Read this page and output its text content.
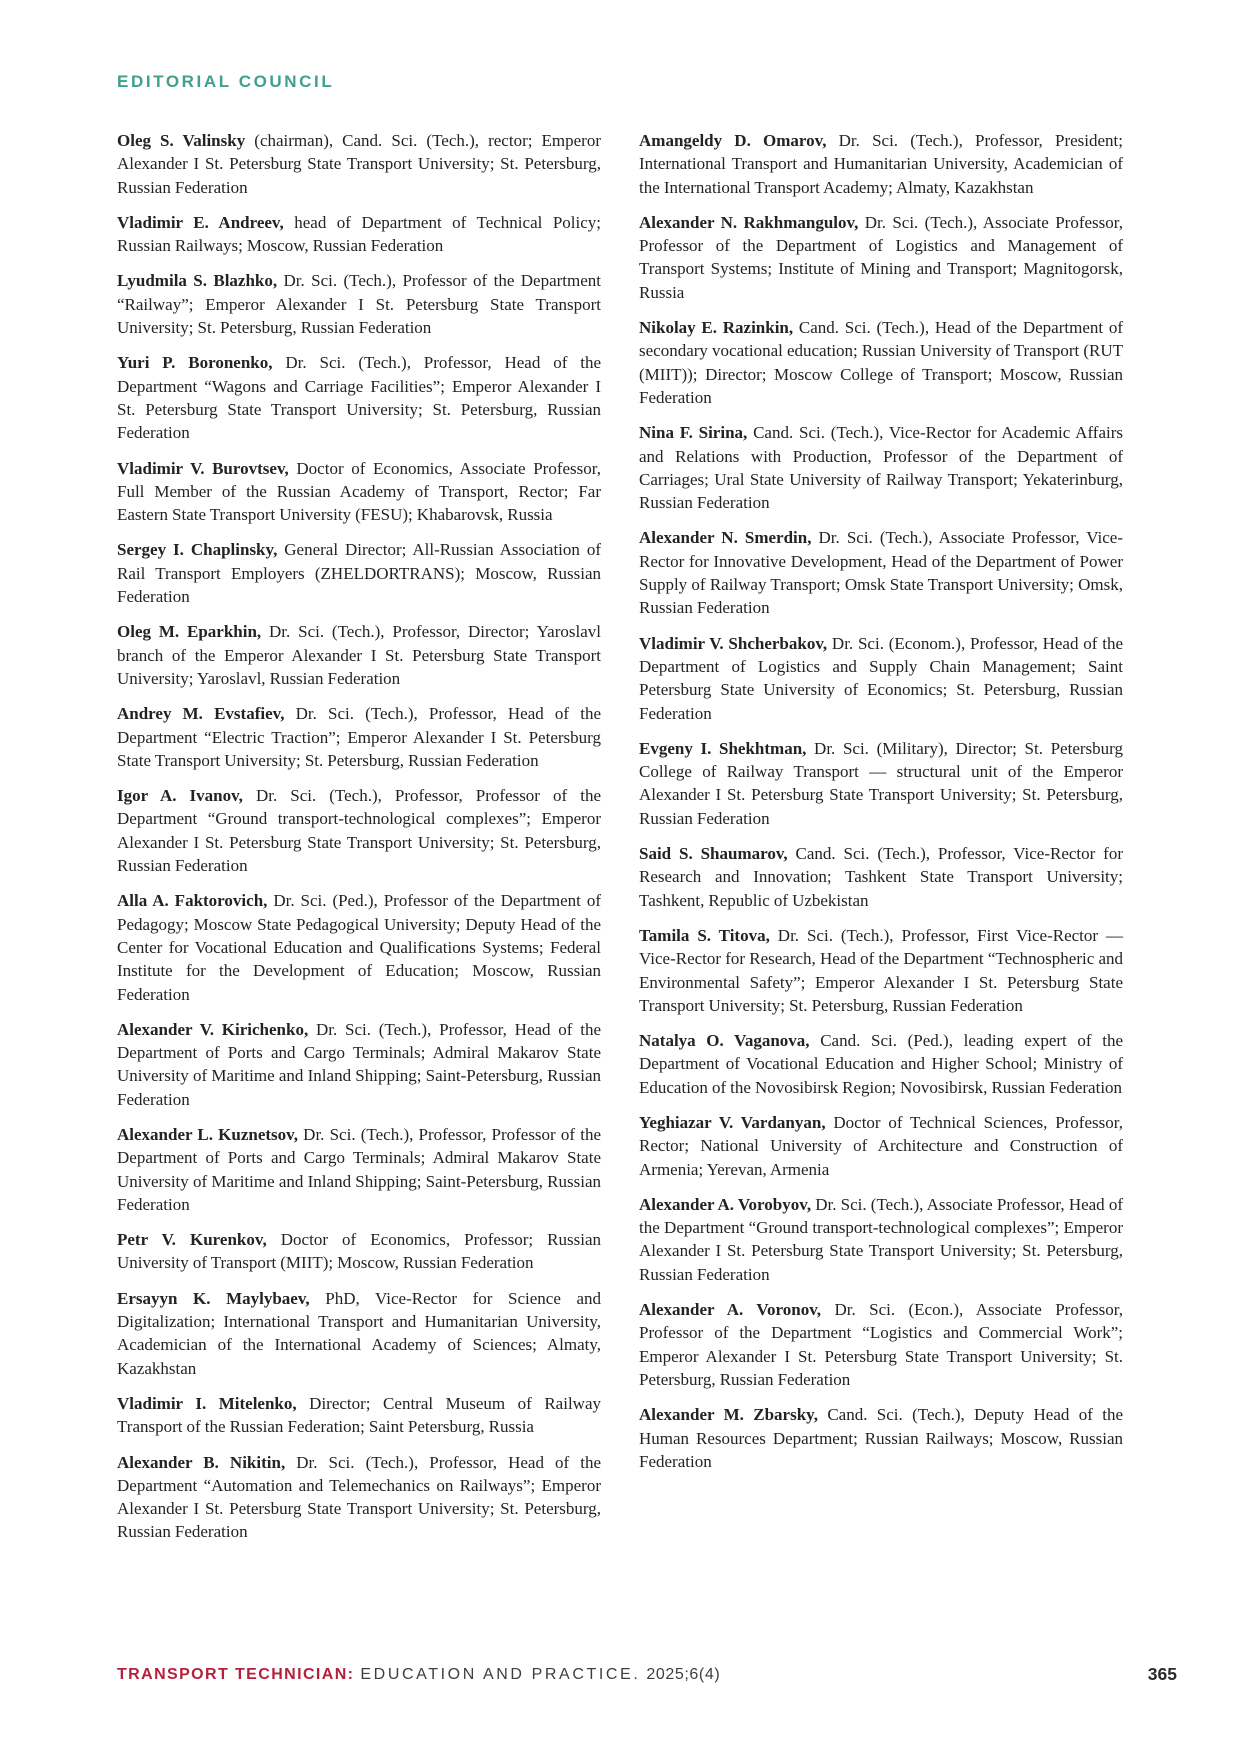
EDITORIAL COUNCIL

Oleg S. Valinsky (chairman), Cand. Sci. (Tech.), rector; Emperor Alexander I St. Petersburg State Transport University; St. Petersburg, Russian Federation

Vladimir E. Andreev, head of Department of Technical Policy; Russian Railways; Moscow, Russian Federation

Lyudmila S. Blazhko, Dr. Sci. (Tech.), Professor of the Department “Railway”; Emperor Alexander I St. Petersburg State Transport University; St. Petersburg, Russian Federation

Yuri P. Boronenko, Dr. Sci. (Tech.), Professor, Head of the Department “Wagons and Carriage Facilities”; Emperor Alexander I St. Petersburg State Transport University; St. Petersburg, Russian Federation

Vladimir V. Burovtsev, Doctor of Economics, Associate Professor, Full Member of the Russian Academy of Transport, Rector; Far Eastern State Transport University (FESU); Khabarovsk, Russia

Sergey I. Chaplinsky, General Director; All-Russian Association of Rail Transport Employers (ZHELDORTRANS); Moscow, Russian Federation

Oleg M. Eparkhin, Dr. Sci. (Tech.), Professor, Director; Yaroslavl branch of the Emperor Alexander I St. Petersburg State Transport University; Yaroslavl, Russian Federation

Andrey M. Evstafiev, Dr. Sci. (Tech.), Professor, Head of the Department “Electric Traction”; Emperor Alexander I St. Petersburg State Transport University; St. Petersburg, Russian Federation

Igor A. Ivanov, Dr. Sci. (Tech.), Professor, Professor of the Department “Ground transport-technological complexes”; Emperor Alexander I St. Petersburg State Transport University; St. Petersburg, Russian Federation

Alla A. Faktorovich, Dr. Sci. (Ped.), Professor of the Department of Pedagogy; Moscow State Pedagogical University; Deputy Head of the Center for Vocational Education and Qualifications Systems; Federal Institute for the Development of Education; Moscow, Russian Federation

Alexander V. Kirichenko, Dr. Sci. (Tech.), Professor, Head of the Department of Ports and Cargo Terminals; Admiral Makarov State University of Maritime and Inland Shipping; Saint-Petersburg, Russian Federation

Alexander L. Kuznetsov, Dr. Sci. (Tech.), Professor, Professor of the Department of Ports and Cargo Terminals; Admiral Makarov State University of Maritime and Inland Shipping; Saint-Petersburg, Russian Federation

Petr V. Kurenkov, Doctor of Economics, Professor; Russian University of Transport (MIIT); Moscow, Russian Federation

Ersayyn K. Maylybaev, PhD, Vice-Rector for Science and Digitalization; International Transport and Humanitarian University, Academician of the International Academy of Sciences; Almaty, Kazakhstan

Vladimir I. Mitelenko, Director; Central Museum of Railway Transport of the Russian Federation; Saint Petersburg, Russia

Alexander B. Nikitin, Dr. Sci. (Tech.), Professor, Head of the Department “Automation and Telemechanics on Railways”; Emperor Alexander I St. Petersburg State Transport University; St. Petersburg, Russian Federation

Amangeldy D. Omarov, Dr. Sci. (Tech.), Professor, President; International Transport and Humanitarian University, Academician of the International Transport Academy; Almaty, Kazakhstan

Alexander N. Rakhmangulov, Dr. Sci. (Tech.), Associate Professor, Professor of the Department of Logistics and Management of Transport Systems; Institute of Mining and Transport; Magnitogorsk, Russia

Nikolay E. Razinkin, Cand. Sci. (Tech.), Head of the Department of secondary vocational education; Russian University of Transport (RUT (MIIT)); Director; Moscow College of Transport; Moscow, Russian Federation

Nina F. Sirina, Cand. Sci. (Tech.), Vice-Rector for Academic Affairs and Relations with Production, Professor of the Department of Carriages; Ural State University of Railway Transport; Yekaterinburg, Russian Federation

Alexander N. Smerdin, Dr. Sci. (Tech.), Associate Professor, Vice-Rector for Innovative Development, Head of the Department of Power Supply of Railway Transport; Omsk State Transport University; Omsk, Russian Federation

Vladimir V. Shcherbakov, Dr. Sci. (Econom.), Professor, Head of the Department of Logistics and Supply Chain Management; Saint Petersburg State University of Economics; St. Petersburg, Russian Federation

Evgeny I. Shekhtman, Dr. Sci. (Military), Director; St. Petersburg College of Railway Transport — structural unit of the Emperor Alexander I St. Petersburg State Transport University; St. Petersburg, Russian Federation

Said S. Shaumarov, Cand. Sci. (Tech.), Professor, Vice-Rector for Research and Innovation; Tashkent State Transport University; Tashkent, Republic of Uzbekistan

Tamila S. Titova, Dr. Sci. (Tech.), Professor, First Vice-Rector — Vice-Rector for Research, Head of the Department “Technospheric and Environmental Safety”; Emperor Alexander I St. Petersburg State Transport University; St. Petersburg, Russian Federation

Natalya O. Vaganova, Cand. Sci. (Ped.), leading expert of the Department of Vocational Education and Higher School; Ministry of Education of the Novosibirsk Region; Novosibirsk, Russian Federation

Yeghiazar V. Vardanyan, Doctor of Technical Sciences, Professor, Rector; National University of Architecture and Construction of Armenia; Yerevan, Armenia

Alexander A. Vorobyov, Dr. Sci. (Tech.), Associate Professor, Head of the Department “Ground transport-technological complexes”; Emperor Alexander I St. Petersburg State Transport University; St. Petersburg, Russian Federation

Alexander A. Voronov, Dr. Sci. (Econ.), Associate Professor, Professor of the Department “Logistics and Commercial Work”; Emperor Alexander I St. Petersburg State Transport University; St. Petersburg, Russian Federation

Alexander M. Zbarsky, Cand. Sci. (Tech.), Deputy Head of the Human Resources Department; Russian Railways; Moscow, Russian Federation

TRANSPORT TECHNICIAN: EDUCATION AND PRACTICE. 2025;6(4)	365
